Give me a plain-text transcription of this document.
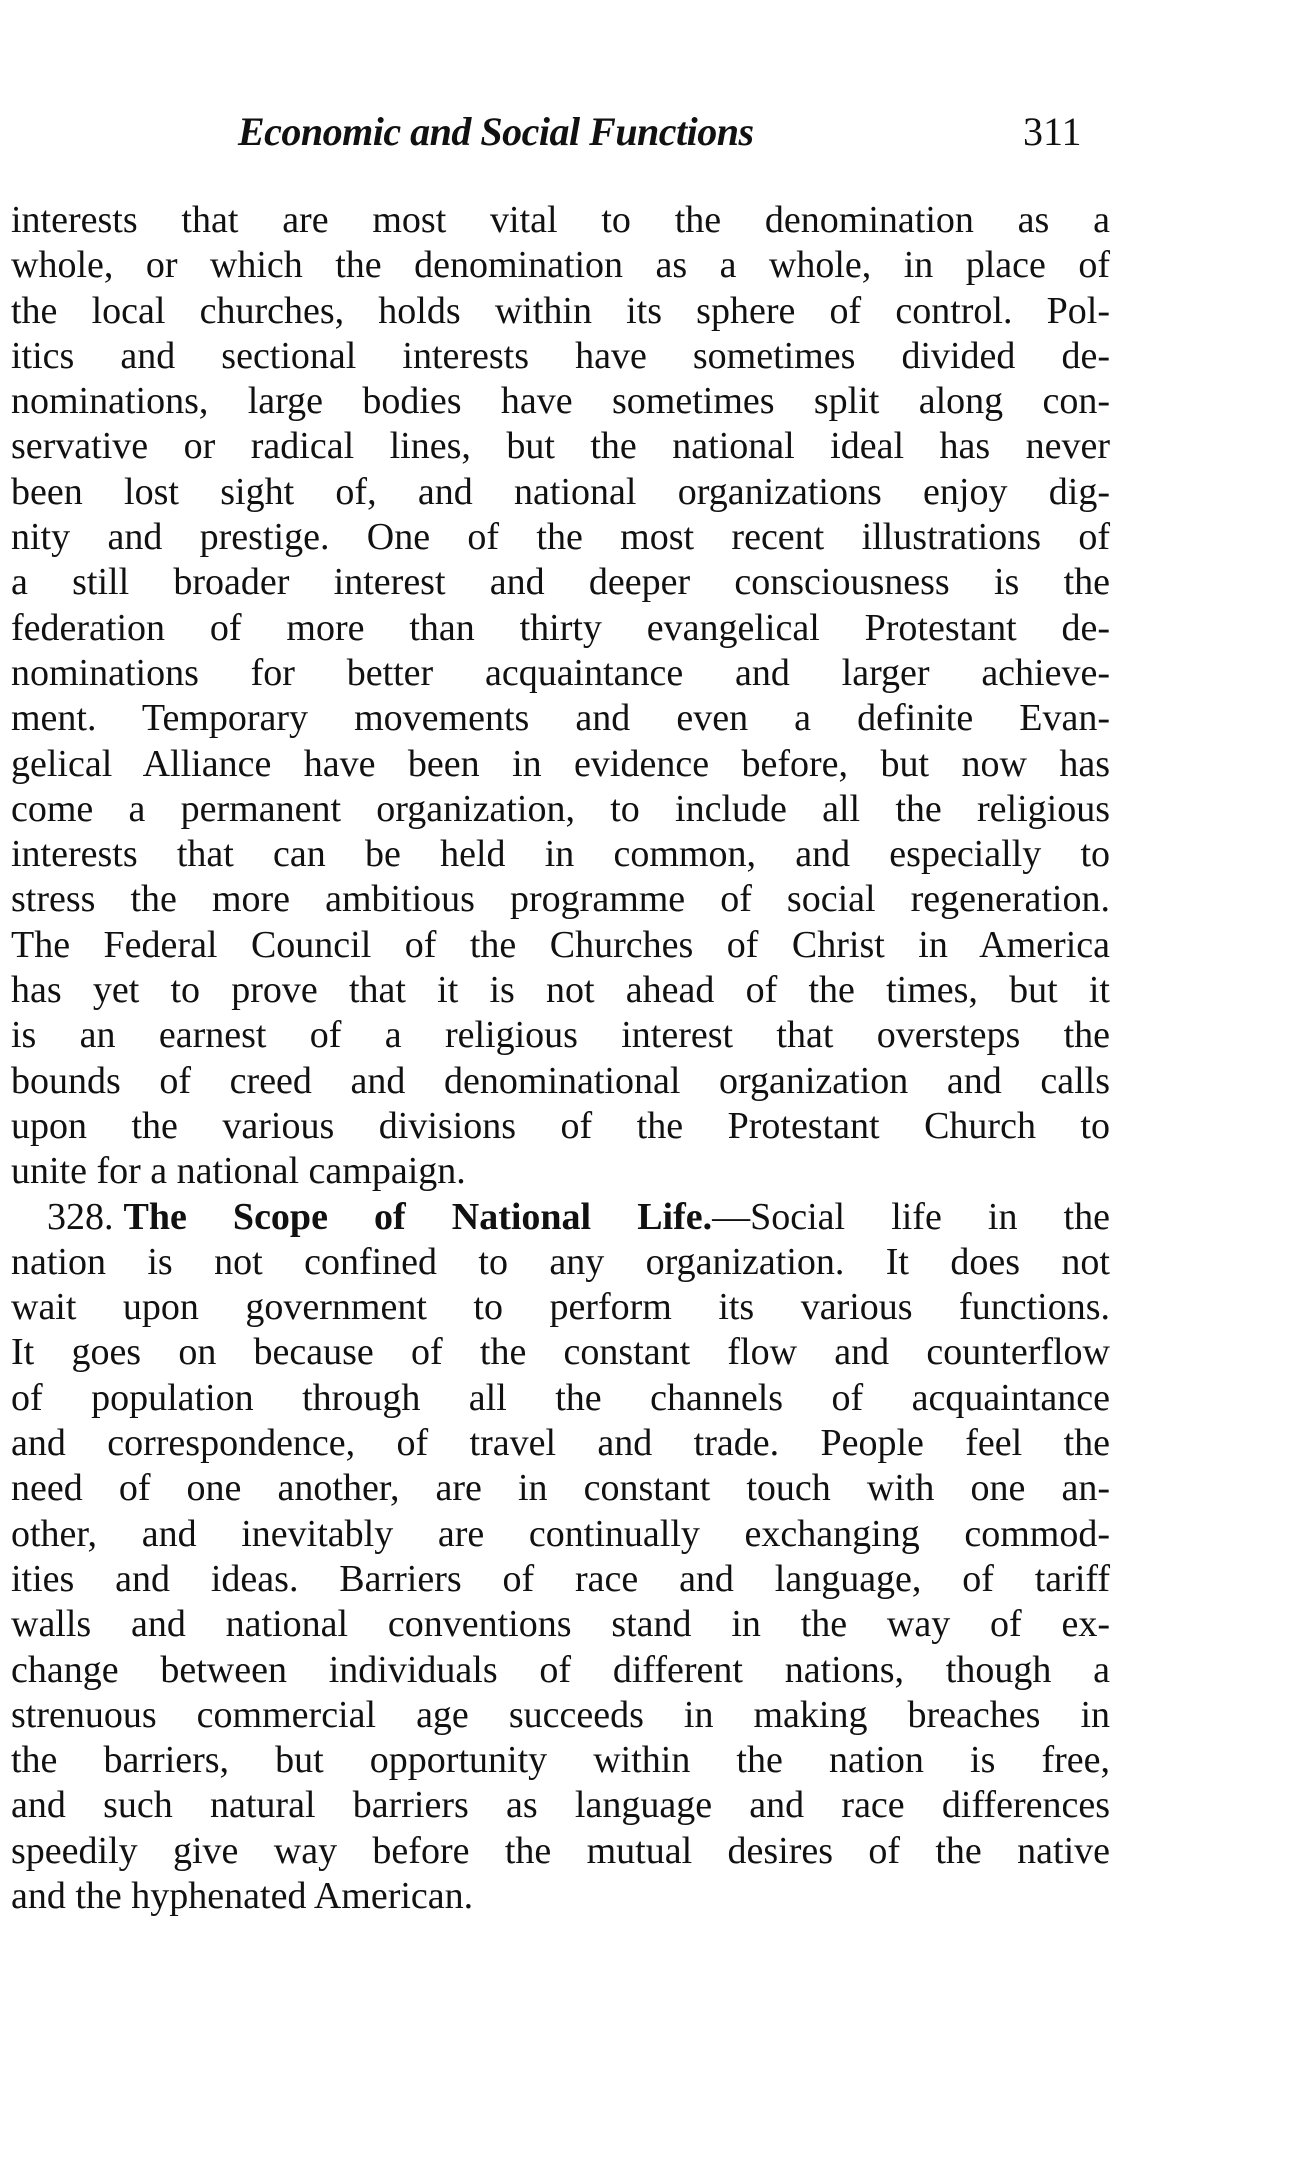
Economic and Social Functions	311
interests that are most vital to the denomination as a
whole, or which the denomination as a whole, in place of
the local churches, holds within its sphere of control. Pol-
itics and sectional interests have sometimes divided de-
nominations, large bodies have sometimes split along con-
servative or radical lines, but the national ideal has never
been lost sight of, and national organizations enjoy dig-
nity and prestige. One of the most recent illustrations of
a still broader interest and deeper consciousness is the
federation of more than thirty evangelical Protestant de-
nominations for better acquaintance and larger achieve-
ment. Temporary movements and even a definite Evan-
gelical Alliance have been in evidence before, but now has
come a permanent organization, to include all the religious
interests that can be held in common, and especially to
stress the more ambitious programme of social regeneration.
The Federal Council of the Churches of Christ in America
has yet to prove that it is not ahead of the times, but it
is an earnest of a religious interest that oversteps the
bounds of creed and denominational organization and calls
upon the various divisions of the Protestant Church to
unite for a national campaign.
328. The Scope of National Life.—Social life in the
nation is not confined to any organization. It does not
wait upon government to perform its various functions.
It goes on because of the constant flow and counterflow
of population through all the channels of acquaintance
and correspondence, of travel and trade. People feel the
need of one another, are in constant touch with one an-
other, and inevitably are continually exchanging commod-
ities and ideas. Barriers of race and language, of tariff
walls and national conventions stand in the way of ex-
change between individuals of different nations, though a
strenuous commercial age succeeds in making breaches in
the barriers, but opportunity within the nation is free,
and such natural barriers as language and race differences
speedily give way before the mutual desires of the native
and the hyphenated American.
